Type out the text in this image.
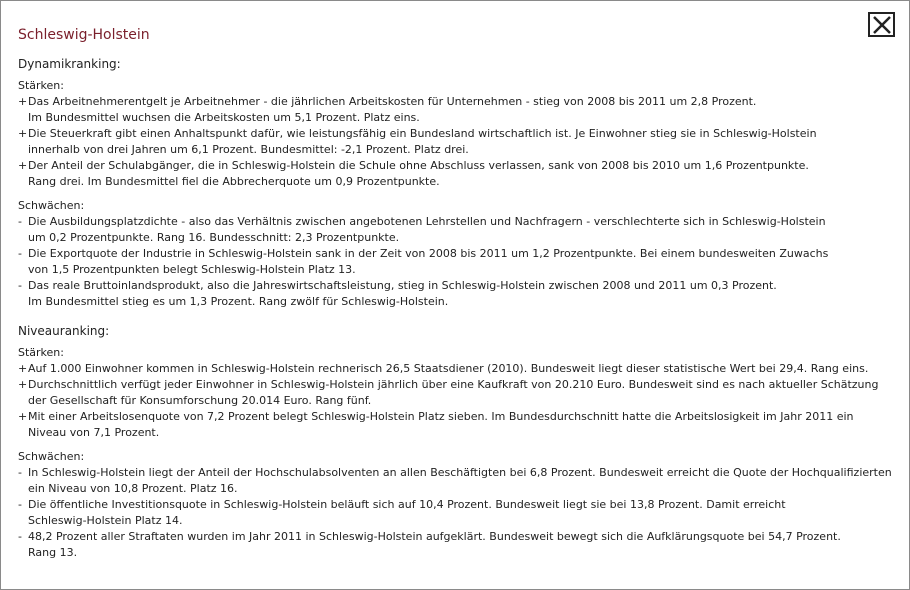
Schleswig-Holstein
Dynamikranking:
Stärken:
+ Das Arbeitnehmerentgelt je Arbeitnehmer - die jährlichen Arbeitskosten für Unternehmen - stieg von 2008 bis 2011 um 2,8 Prozent.
Im Bundesmittel wuchsen die Arbeitskosten um 5,1 Prozent. Platz eins.
+ Die Steuerkraft gibt einen Anhaltspunkt dafür, wie leistungsfähig ein Bundesland wirtschaftlich ist. Je Einwohner stieg sie in Schleswig-Holstein
innerhalb von drei Jahren um 6,1 Prozent. Bundesmittel: -2,1 Prozent. Platz drei.
+ Der Anteil der Schulabgänger, die in Schleswig-Holstein die Schule ohne Abschluss verlassen, sank von 2008 bis 2010 um 1,6 Prozentpunkte.
Rang drei. Im Bundesmittel fiel die Abbrecherquote um 0,9 Prozentpunkte.
Schwächen:
- Die Ausbildungsplatzdichte - also das Verhältnis zwischen angebotenen Lehrstellen und Nachfragern - verschlechterte sich in Schleswig-Holstein
um 0,2 Prozentpunkte. Rang 16. Bundesschnitt: 2,3 Prozentpunkte.
- Die Exportquote der Industrie in Schleswig-Holstein sank in der Zeit von 2008 bis 2011 um 1,2 Prozentpunkte. Bei einem bundesweiten Zuwachs
von 1,5 Prozentpunkten belegt Schleswig-Holstein Platz 13.
- Das reale Bruttoinlandsprodukt, also die Jahreswirtschaftsleistung, stieg in Schleswig-Holstein zwischen 2008 und 2011 um 0,3 Prozent.
Im Bundesmittel stieg es um 1,3 Prozent. Rang zwölf für Schleswig-Holstein.
Niveauranking:
Stärken:
+ Auf 1.000 Einwohner kommen in Schleswig-Holstein rechnerisch 26,5 Staatsdiener (2010). Bundesweit liegt dieser statistische Wert bei 29,4. Rang eins.
+ Durchschnittlich verfügt jeder Einwohner in Schleswig-Holstein jährlich über eine Kaufkraft von 20.210 Euro. Bundesweit sind es nach aktueller Schätzung
der Gesellschaft für Konsumforschung 20.014 Euro. Rang fünf.
+ Mit einer Arbeitslosenquote von 7,2 Prozent belegt Schleswig-Holstein Platz sieben. Im Bundesdurchschnitt hatte die Arbeitslosigkeit im Jahr 2011 ein
Niveau von 7,1 Prozent.
Schwächen:
- In Schleswig-Holstein liegt der Anteil der Hochschulabsolventen an allen Beschäftigten bei 6,8 Prozent. Bundesweit erreicht die Quote der Hochqualifizierten
ein Niveau von 10,8 Prozent. Platz 16.
- Die öffentliche Investitionsquote in Schleswig-Holstein beläuft sich auf 10,4 Prozent. Bundesweit liegt sie bei 13,8 Prozent. Damit erreicht
Schleswig-Holstein Platz 14.
- 48,2 Prozent aller Straftaten wurden im Jahr 2011 in Schleswig-Holstein aufgeklärt. Bundesweit bewegt sich die Aufklärungsquote bei 54,7 Prozent.
Rang 13.
